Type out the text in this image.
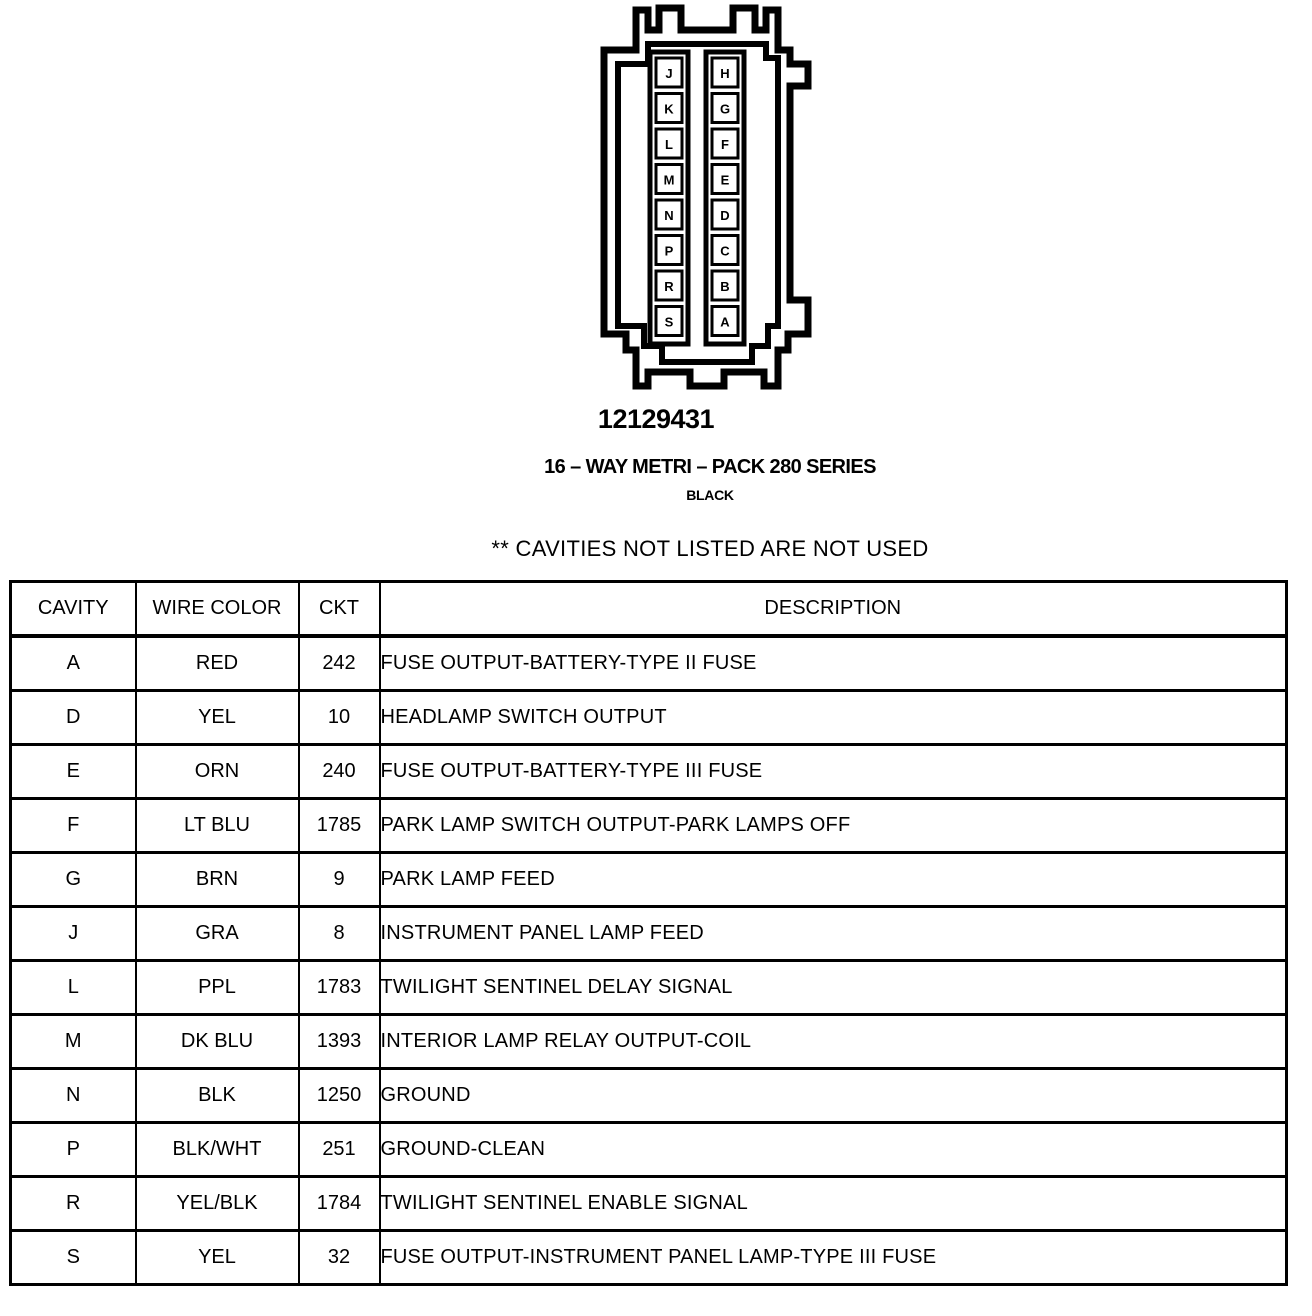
J
K
L
M
N
P
R
S
H
G
F
E
D
C
B
A
12129431
16 – WAY METRI – PACK 280 SERIES
BLACK
** CAVITIES NOT LISTED ARE NOT USED
CAVITY	WIRE COLOR	CKT	DESCRIPTION
A	RED	242	FUSE OUTPUT-BATTERY-TYPE II FUSE
D	YEL	10	HEADLAMP SWITCH OUTPUT
E	ORN	240	FUSE OUTPUT-BATTERY-TYPE III FUSE
F	LT BLU	1785	PARK LAMP SWITCH OUTPUT-PARK LAMPS OFF
G	BRN	9	PARK LAMP FEED
J	GRA	8	INSTRUMENT PANEL LAMP FEED
L	PPL	1783	TWILIGHT SENTINEL DELAY SIGNAL
M	DK BLU	1393	INTERIOR LAMP RELAY OUTPUT-COIL
N	BLK	1250	GROUND
P	BLK/WHT	251	GROUND-CLEAN
R	YEL/BLK	1784	TWILIGHT SENTINEL ENABLE SIGNAL
S	YEL	32	FUSE OUTPUT-INSTRUMENT PANEL LAMP-TYPE III FUSE
